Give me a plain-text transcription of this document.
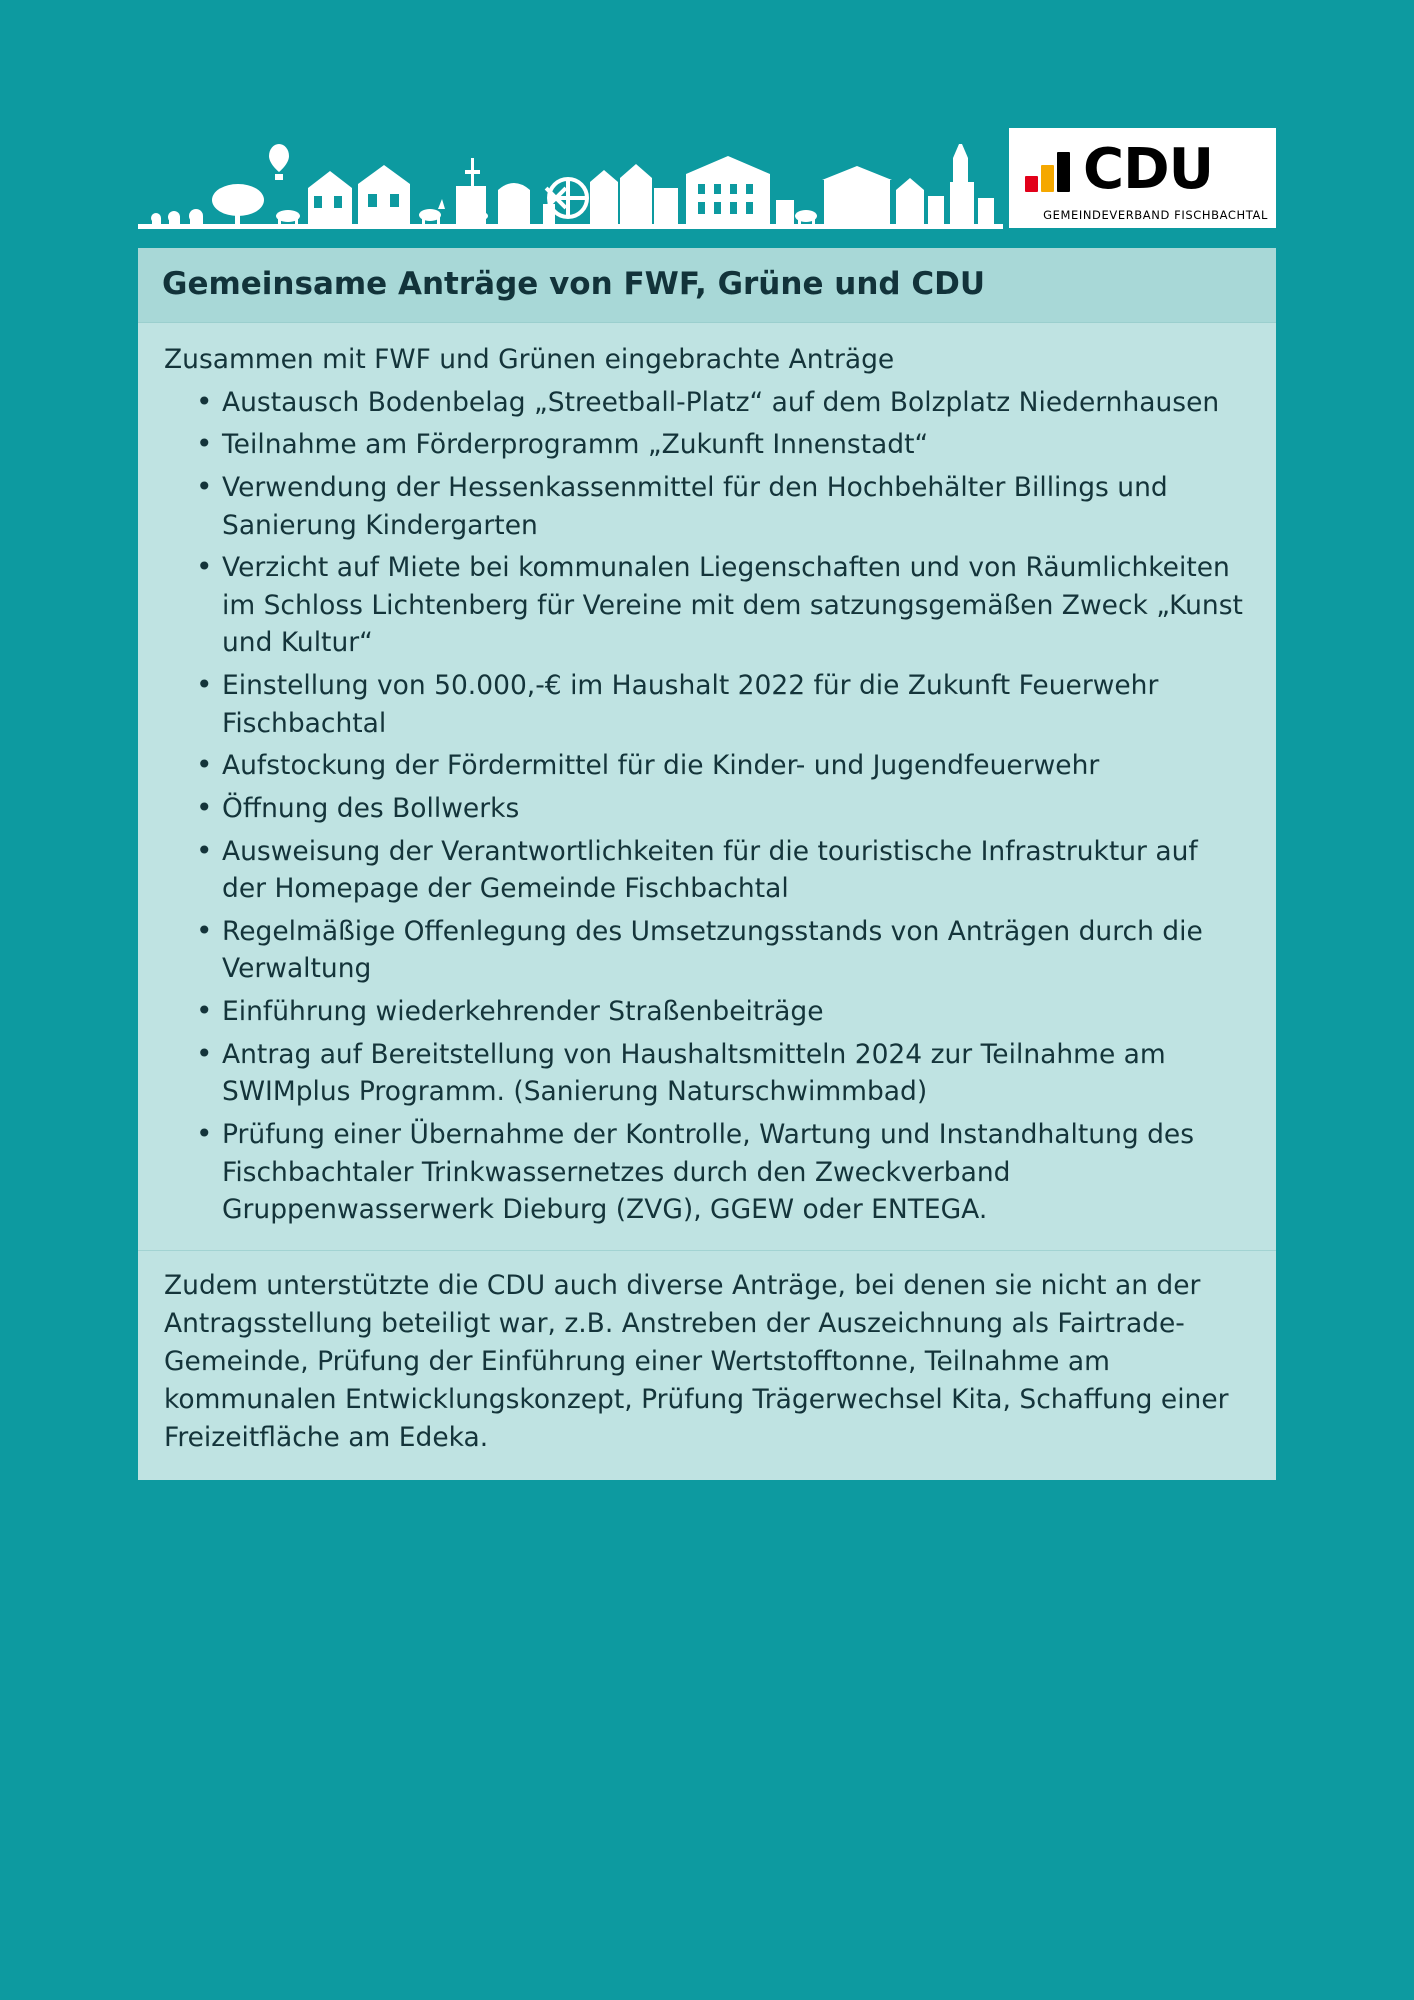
CDU
GEMEINDEVERBAND FISCHBACHTAL
Gemeinsame Anträge von FWF, Grüne und CDU

Zusammen mit FWF und Grünen eingebrachte Anträge

• Austausch Bodenbelag „Streetball-Platz“ auf dem Bolzplatz Niedernhausen
• Teilnahme am Förderprogramm „Zukunft Innenstadt“
• Verwendung der Hessenkassenmittel für den Hochbehälter Billings und Sanierung Kindergarten
• Verzicht auf Miete bei kommunalen Liegenschaften und von Räumlichkeiten im Schloss Lichtenberg für Vereine mit dem satzungsgemäßen Zweck „Kunst und Kultur“
• Einstellung von 50.000,-€ im Haushalt 2022 für die Zukunft Feuerwehr Fischbachtal
• Aufstockung der Fördermittel für die Kinder- und Jugendfeuerwehr
• Öffnung des Bollwerks
• Ausweisung der Verantwortlichkeiten für die touristische Infrastruktur auf der Homepage der Gemeinde Fischbachtal
• Regelmäßige Offenlegung des Umsetzungsstands von Anträgen durch die Verwaltung
• Einführung wiederkehrender Straßenbeiträge
• Antrag auf Bereitstellung von Haushaltsmitteln 2024 zur Teilnahme am SWIMplus Programm. (Sanierung Naturschwimmbad)
• Prüfung einer Übernahme der Kontrolle, Wartung und Instandhaltung des Fischbachtaler Trinkwassernetzes durch den Zweckverband Gruppenwasserwerk Dieburg (ZVG), GGEW oder ENTEGA.

Zudem unterstützte die CDU auch diverse Anträge, bei denen sie nicht an der Antragsstellung beteiligt war, z.B. Anstreben der Auszeichnung als Fairtrade-Gemeinde, Prüfung der Einführung einer Wertstofftonne, Teilnahme am kommunalen Entwicklungskonzept, Prüfung Trägerwechsel Kita, Schaffung einer Freizeitfläche am Edeka.
